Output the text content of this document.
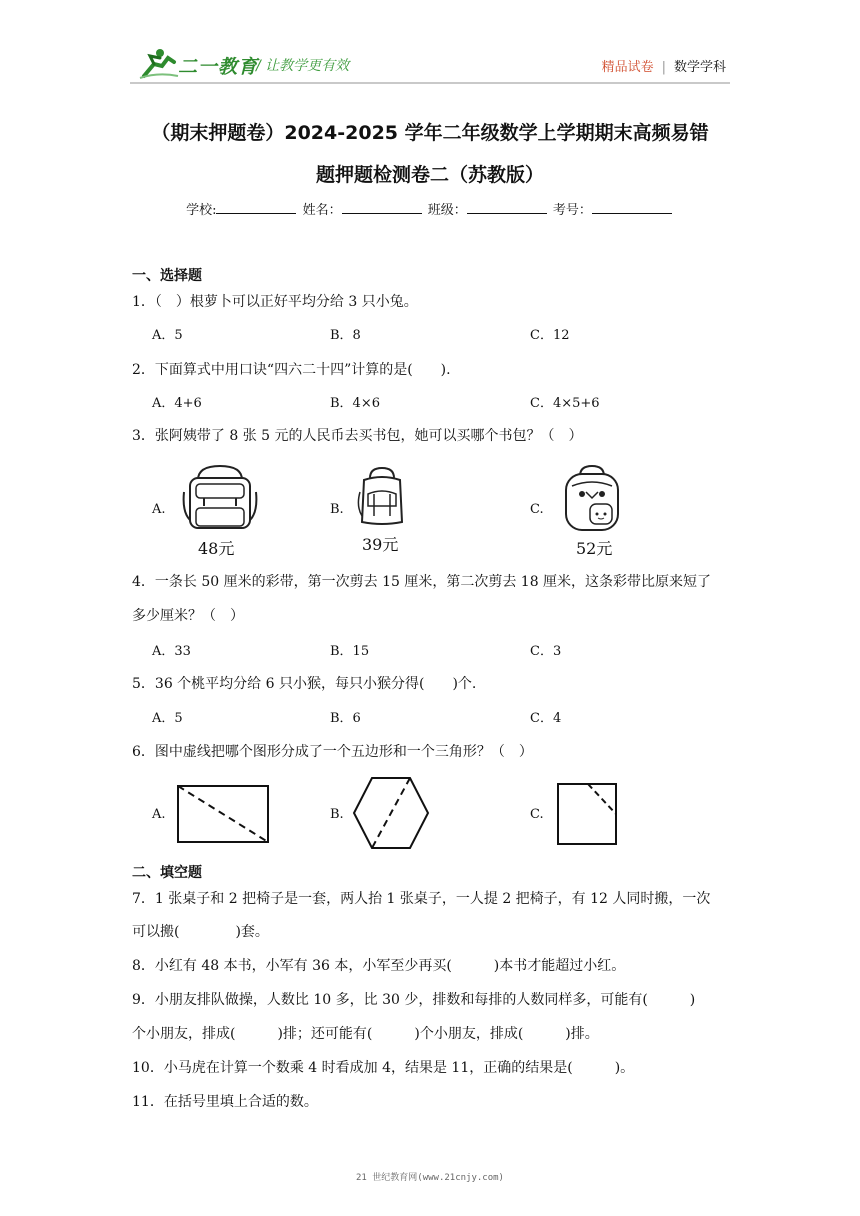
二一教育
/ 让教学更有效	精品试卷 | 数学学科
（期末押题卷）2024-2025 学年二年级数学上学期期末高频易错
题押题检测卷二（苏教版）
学校:	姓名：	班级：	考号：
一、选择题
1．（　）根萝卜可以正好平均分给 3 只小兔。
A．5	B．8	C．12
2．下面算式中用口诀“四六二十四”计算的是(　　).
A．4+6	B．4×6	C．4×5+6
3．张阿姨带了 8 张 5 元的人民币去买书包，她可以买哪个书包？（　）
A.	B.	C.
48元	39元	52元
4．一条长 50 厘米的彩带，第一次剪去 15 厘米，第二次剪去 18 厘米，这条彩带比原来短了
多少厘米？（　）
A．33	B．15	C．3
5．36 个桃平均分给 6 只小猴，每只小猴分得(　　)个.
A．5	B．6	C．4
6．图中虚线把哪个图形分成了一个五边形和一个三角形？（　）
A.	B.	C.
二、填空题
7．1 张桌子和 2 把椅子是一套，两人抬 1 张桌子，一人提 2 把椅子，有 12 人同时搬，一次
可以搬(　　　　)套。
8．小红有 48 本书，小军有 36 本，小军至少再买(　　　)本书才能超过小红。
9．小朋友排队做操，人数比 10 多，比 30 少，排数和每排的人数同样多，可能有(　　　)
个小朋友，排成(　　　)排；还可能有(　　　)个小朋友，排成(　　　)排。
10．小马虎在计算一个数乘 4 时看成加 4，结果是 11，正确的结果是(　　　)。
11．在括号里填上合适的数。
21 世纪教育网(www.21cnjy.com)
